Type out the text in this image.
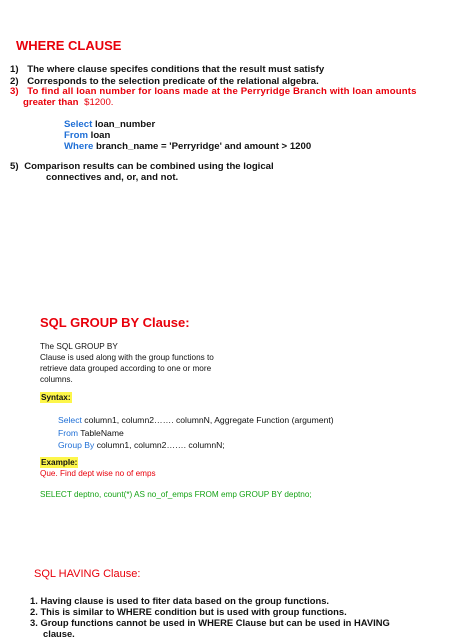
WHERE CLAUSE
1) The where clause specifes conditions that the result must satisfy
2) Corresponds to the selection predicate of the relational algebra.
3) To find all loan number for loans made at the Perryridge Branch with loan amounts
greater than $1200.
Select loan_number
From loan
Where branch_name = 'Perryridge' and amount > 1200
5) Comparison results can be combined using the logical
connectives and, or, and not.
SQL GROUP BY Clause:
The SQL GROUP BY
Clause is used along with the group functions to
retrieve data grouped according to one or more
columns.
Syntax:
Select column1, column2……. columnN, Aggregate Function (argument)
From TableName
Group By column1, column2……. columnN;
Example:
Que. Find dept wise no of emps
SELECT deptno, count(*) AS no_of_emps FROM emp GROUP BY deptno;
SQL HAVING Clause:
1. Having clause is used to fiter data based on the group functions.
2. This is similar to WHERE condition but is used with group functions.
3. Group functions cannot be used in WHERE Clause but can be used in HAVING
clause.
